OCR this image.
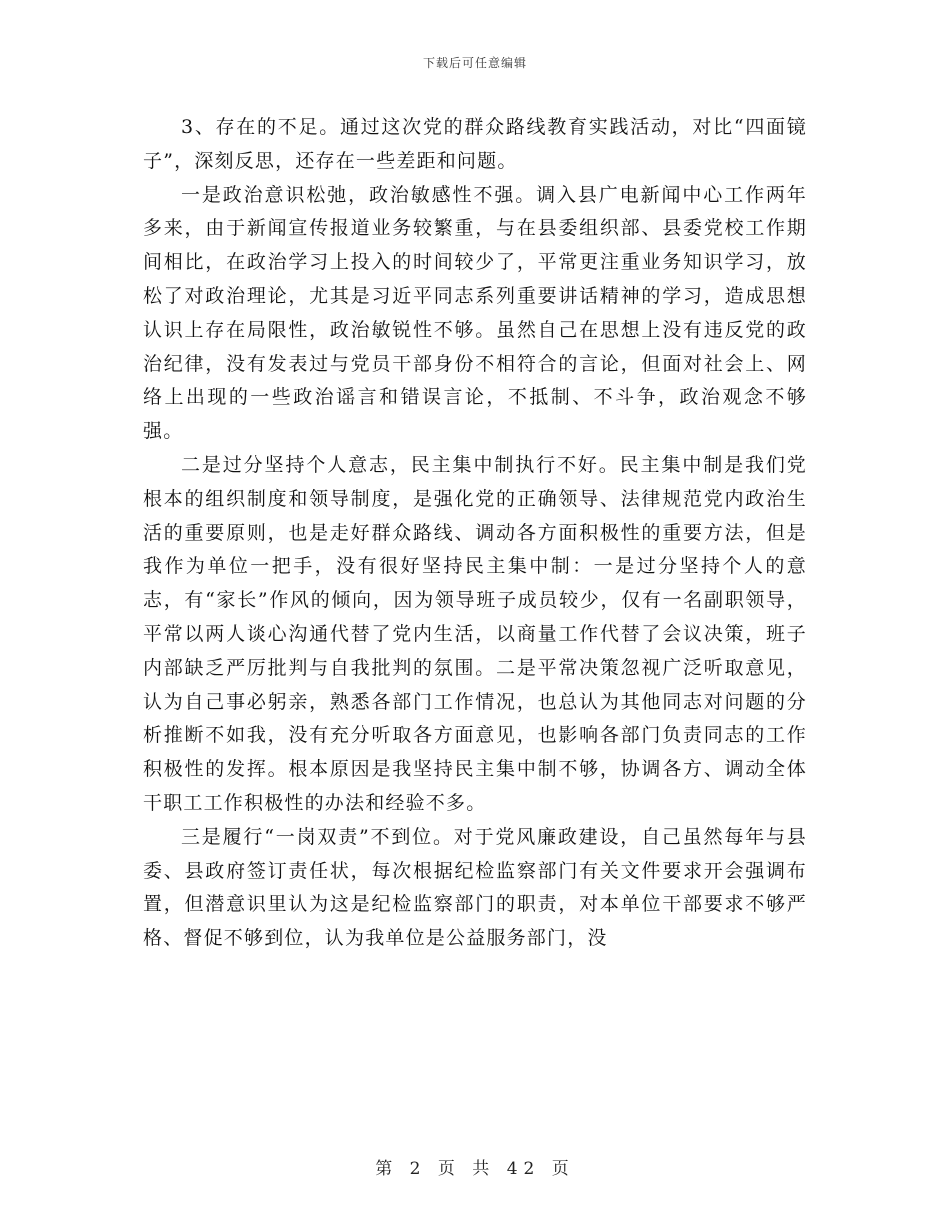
下载后可任意编辑

3、存在的不足。通过这次党的群众路线教育实践活动，对比“四面镜子”，深刻反思，还存在一些差距和问题。

一是政治意识松弛，政治敏感性不强。调入县广电新闻中心工作两年多来，由于新闻宣传报道业务较繁重，与在县委组织部、县委党校工作期间相比，在政治学习上投入的时间较少了，平常更注重业务知识学习，放松了对政治理论，尤其是习近平同志系列重要讲话精神的学习，造成思想认识上存在局限性，政治敏锐性不够。虽然自己在思想上没有违反党的政治纪律，没有发表过与党员干部身份不相符合的言论，但面对社会上、网络上出现的一些政治谣言和错误言论，不抵制、不斗争，政治观念不够强。

二是过分坚持个人意志，民主集中制执行不好。民主集中制是我们党根本的组织制度和领导制度，是强化党的正确领导、法律规范党内政治生活的重要原则，也是走好群众路线、调动各方面积极性的重要方法，但是我作为单位一把手，没有很好坚持民主集中制：一是过分坚持个人的意志，有“家长”作风的倾向，因为领导班子成员较少，仅有一名副职领导，平常以两人谈心沟通代替了党内生活，以商量工作代替了会议决策，班子内部缺乏严厉批判与自我批判的氛围。二是平常决策忽视广泛听取意见，认为自己事必躬亲，熟悉各部门工作情况，也总认为其他同志对问题的分析推断不如我，没有充分听取各方面意见，也影响各部门负责同志的工作积极性的发挥。根本原因是我坚持民主集中制不够，协调各方、调动全体干职工工作积极性的办法和经验不多。

三是履行“一岗双责”不到位。对于党风廉政建设，自己虽然每年与县委、县政府签订责任状，每次根据纪检监察部门有关文件要求开会强调布置，但潜意识里认为这是纪检监察部门的职责，对本单位干部要求不够严格、督促不够到位，认为我单位是公益服务部门，没

第 2 页 共 42 页
